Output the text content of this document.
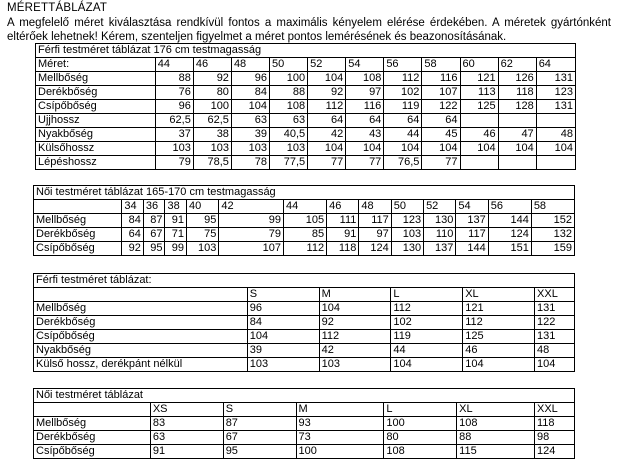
MÉRETTÁBLÁZAT
A megfelelő méret kiválasztása rendkívül fontos a maximális kényelem elérése érdekében. A méretek gyártónként eltérőek lehetnek! Kérem, szenteljen figyelmet a méret pontos lemérésének és beazonosításának.
Férfi testméret táblázat 176 cm testmagasság											
Méret:	44	46	48	50	52	54	56	58	60	62	64
Mellbőség	88	92	96	100	104	108	112	116	121	126	131
Derékbőség	76	80	84	88	92	97	102	107	113	118	123
Csípőbőség	96	100	104	108	112	116	119	122	125	128	131
Ujjhossz	62,5	62,5	63	63	64	64	64	64			
Nyakbőség	37	38	39	40,5	42	43	44	45	46	47	48
Külsőhossz	103	103	103	103	104	104	104	104	104	104	104
Lépéshossz	79	78,5	78	77,5	77	77	76,5	77			
Női testméret táblázat 165-170 cm testmagasság													
	34	36	38	40	42	44	46	48	50	52	54	56	58
Mellbőség	84	87	91	95	99	105	111	117	123	130	137	144	152
Derékbőség	64	67	71	75	79	85	91	97	103	110	117	124	132
Csípőbőség	92	95	99	103	107	112	118	124	130	137	144	151	159
Férfi testméret táblázat:					
	S	M	L	XL	XXL
Mellbőség	96	104	112	121	131
Derékbőség	84	92	102	112	122
Csípőbőség	104	112	119	125	131
Nyakbőség	39	42	44	46	48
Külső hossz, derékpánt nélkül	103	103	104	104	104
Női testméret táblázat						
	XS	S	M	L	XL	XXL
Mellbőség	83	87	93	100	108	118
Derékbőség	63	67	73	80	88	98
Csípőbőség	91	95	100	108	115	124
